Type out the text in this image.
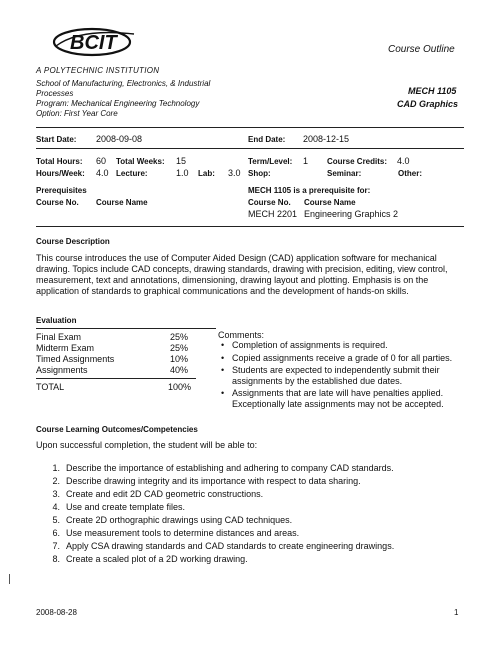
BCIT
A POLYTECHNIC INSTITUTION
Course Outline
School of Manufacturing, Electronics, & Industrial
Processes
Program: Mechanical Engineering Technology
Option: First Year Core
MECH 1105
CAD Graphics
Start Date: 2008-09-08	End Date: 2008-12-15
Total Hours: 60 Total Weeks: 15	Term/Level: 1 Course Credits: 4.0
Hours/Week: 4.0 Lecture:	1.0 Lab: 3.0 Shop:	Seminar:	Other:
Prerequisites
Course No. Course Name
MECH 1105 is a prerequisite for:
Course No. Course Name
MECH 2201 Engineering Graphics 2
Course Description
This course introduces the use of Computer Aided Design (CAD) application software for mechanical
drawing. Topics include CAD concepts, drawing standards, drawing with precision, editing, view control,
measurement, text and annotations, dimensioning, drawing layout and plotting. Emphasis is on the
application of standards to graphical communications and the development of hands-on skills.
Evaluation
Final Exam	25%
Midterm Exam	25%
Timed Assignments	10%
Assignments	40%
TOTAL	100%
Comments:
• Completion of assignments is required.
• Copied assignments receive a grade of 0 for all parties.
• Students are expected to independently submit their assignments by the established due dates.
• Assignments that are late will have penalties applied. Exceptionally late assignments may not be accepted.
Course Learning Outcomes/Competencies
Upon successful completion, the student will be able to:
1. Describe the importance of establishing and adhering to company CAD standards.
2. Describe drawing integrity and its importance with respect to data sharing.
3. Create and edit 2D CAD geometric constructions.
4. Use and create template files.
5. Create 2D orthographic drawings using CAD techniques.
6. Use measurement tools to determine distances and areas.
7. Apply CSA drawing standards and CAD standards to create engineering drawings.
8. Create a scaled plot of a 2D working drawing.
2008-08-28	1
